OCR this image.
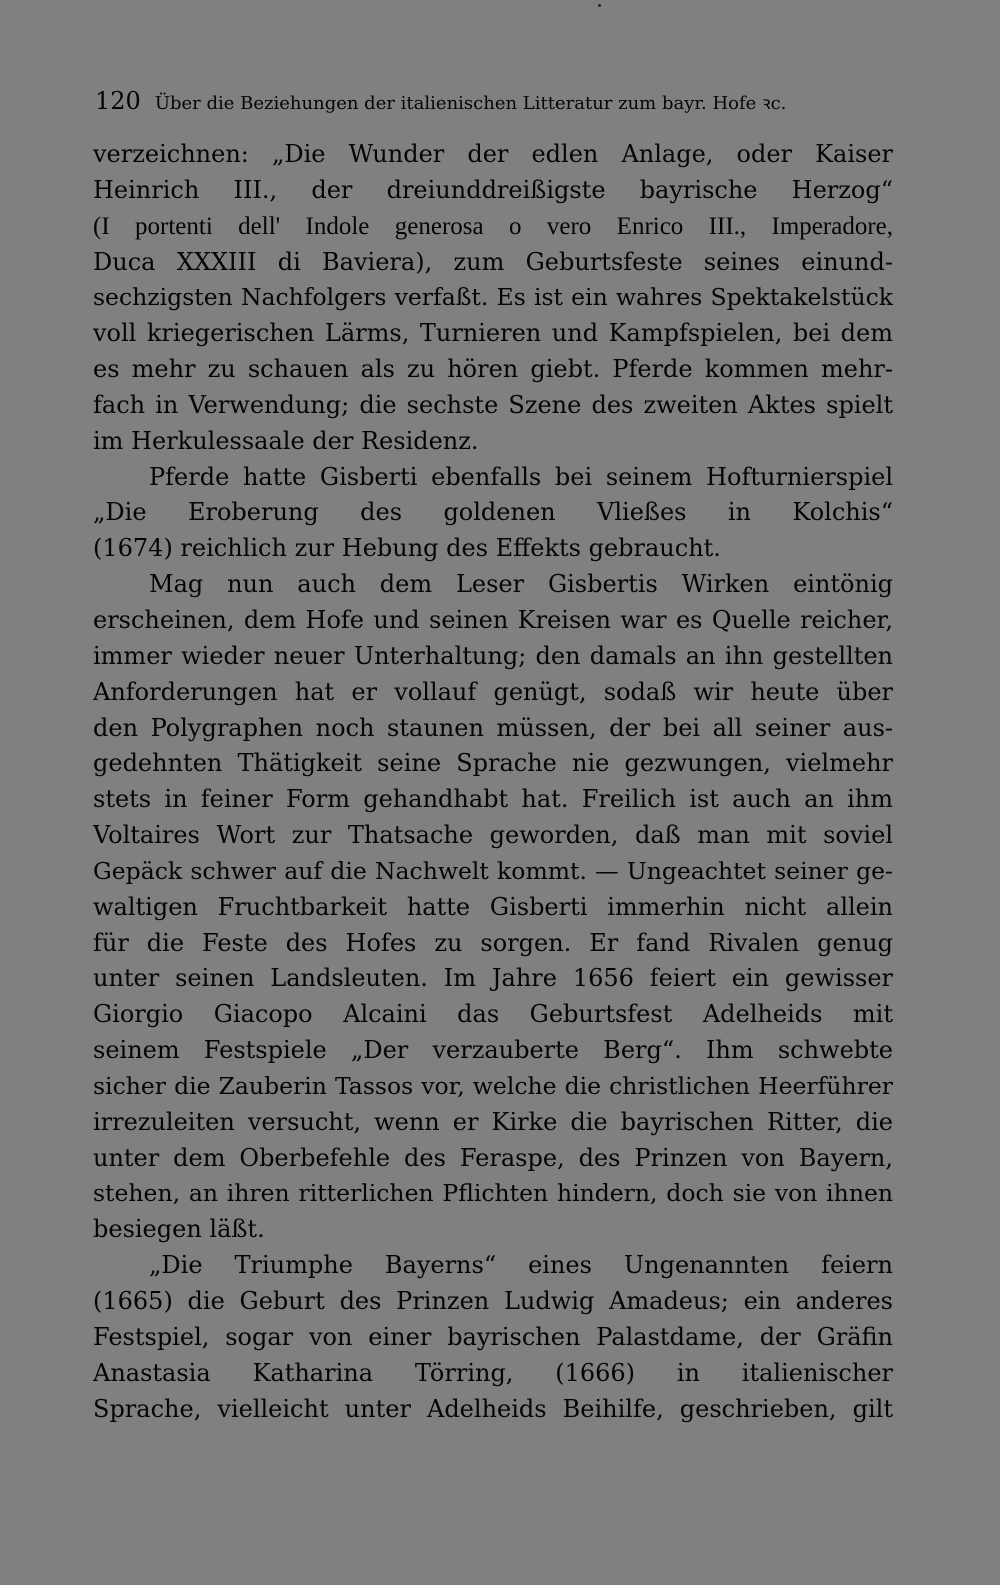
120 Über die Beziehungen der italienischen Litteratur zum bayr. Hofe ꝛc.
verzeichnen: „Die Wunder der edlen Anlage, oder Kaiser
Heinrich III., der dreiunddreißigste bayrische Herzog“
(I portenti dell' Indole generosa o vero Enrico III., Imperadore,
Duca XXXIII di Baviera), zum Geburtsfeste seines einund-
sechzigsten Nachfolgers verfaßt. Es ist ein wahres Spektakelstück
voll kriegerischen Lärms, Turnieren und Kampfspielen, bei dem
es mehr zu schauen als zu hören giebt. Pferde kommen mehr-
fach in Verwendung; die sechste Szene des zweiten Aktes spielt
im Herkulessaale der Residenz.
Pferde hatte Gisberti ebenfalls bei seinem Hofturnierspiel
„Die Eroberung des goldenen Vließes in Kolchis“
(1674) reichlich zur Hebung des Effekts gebraucht.
Mag nun auch dem Leser Gisbertis Wirken eintönig
erscheinen, dem Hofe und seinen Kreisen war es Quelle reicher,
immer wieder neuer Unterhaltung; den damals an ihn gestellten
Anforderungen hat er vollauf genügt, sodaß wir heute über
den Polygraphen noch staunen müssen, der bei all seiner aus-
gedehnten Thätigkeit seine Sprache nie gezwungen, vielmehr
stets in feiner Form gehandhabt hat. Freilich ist auch an ihm
Voltaires Wort zur Thatsache geworden, daß man mit soviel
Gepäck schwer auf die Nachwelt kommt. — Ungeachtet seiner ge-
waltigen Fruchtbarkeit hatte Gisberti immerhin nicht allein
für die Feste des Hofes zu sorgen. Er fand Rivalen genug
unter seinen Landsleuten. Im Jahre 1656 feiert ein gewisser
Giorgio Giacopo Alcaini das Geburtsfest Adelheids mit
seinem Festspiele „Der verzauberte Berg“. Ihm schwebte
sicher die Zauberin Tassos vor, welche die christlichen Heerführer
irrezuleiten versucht, wenn er Kirke die bayrischen Ritter, die
unter dem Oberbefehle des Feraspe, des Prinzen von Bayern,
stehen, an ihren ritterlichen Pflichten hindern, doch sie von ihnen
besiegen läßt.
„Die Triumphe Bayerns“ eines Ungenannten feiern
(1665) die Geburt des Prinzen Ludwig Amadeus; ein anderes
Festspiel, sogar von einer bayrischen Palastdame, der Gräfin
Anastasia Katharina Törring, (1666) in italienischer
Sprache, vielleicht unter Adelheids Beihilfe, geschrieben, gilt
